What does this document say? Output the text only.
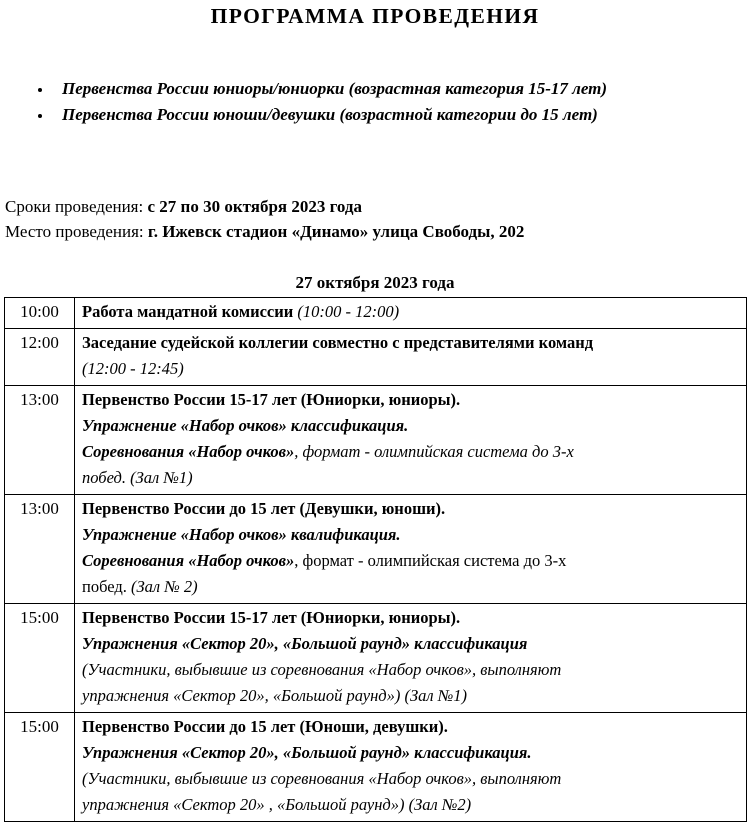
ПРОГРАММА ПРОВЕДЕНИЯ
Первенства России юниоры/юниорки (возрастная категория 15-17 лет)
Первенства России юноши/девушки (возрастной категории до 15 лет)
Сроки проведения: с 27 по 30 октября 2023 года
Место проведения: г. Ижевск стадион «Динамо» улица Свободы, 202
27 октября 2023 года
10:00	Работа мандатной комиссии (10:00 - 12:00)

12:00	Заседание судейской коллегии совместно с представителями команд

(12:00 - 12:45)

13:00	Первенство России 15-17 лет (Юниорки, юниоры).

Упражнение «Набор очков» классификация.

Соревнования «Набор очков», формат - олимпийская система до 3-х

побед. (Зал №1)

13:00	Первенство России до 15 лет (Девушки, юноши).

Упражнение «Набор очков» квалификация.

Соревнования «Набор очков», формат - олимпийская система до 3-х

побед. (Зал № 2)

15:00	Первенство России 15-17 лет (Юниорки, юниоры).

Упражнения «Сектор 20», «Большой раунд» классификация

(Участники, выбывшие из соревнования «Набор очков», выполняют

упражнения «Сектор 20», «Большой раунд») (Зал №1)

15:00	Первенство России до 15 лет (Юноши, девушки).

Упражнения «Сектор 20», «Большой раунд» классификация.

(Участники, выбывшие из соревнования «Набор очков», выполняют

упражнения «Сектор 20» , «Большой раунд») (Зал №2)
